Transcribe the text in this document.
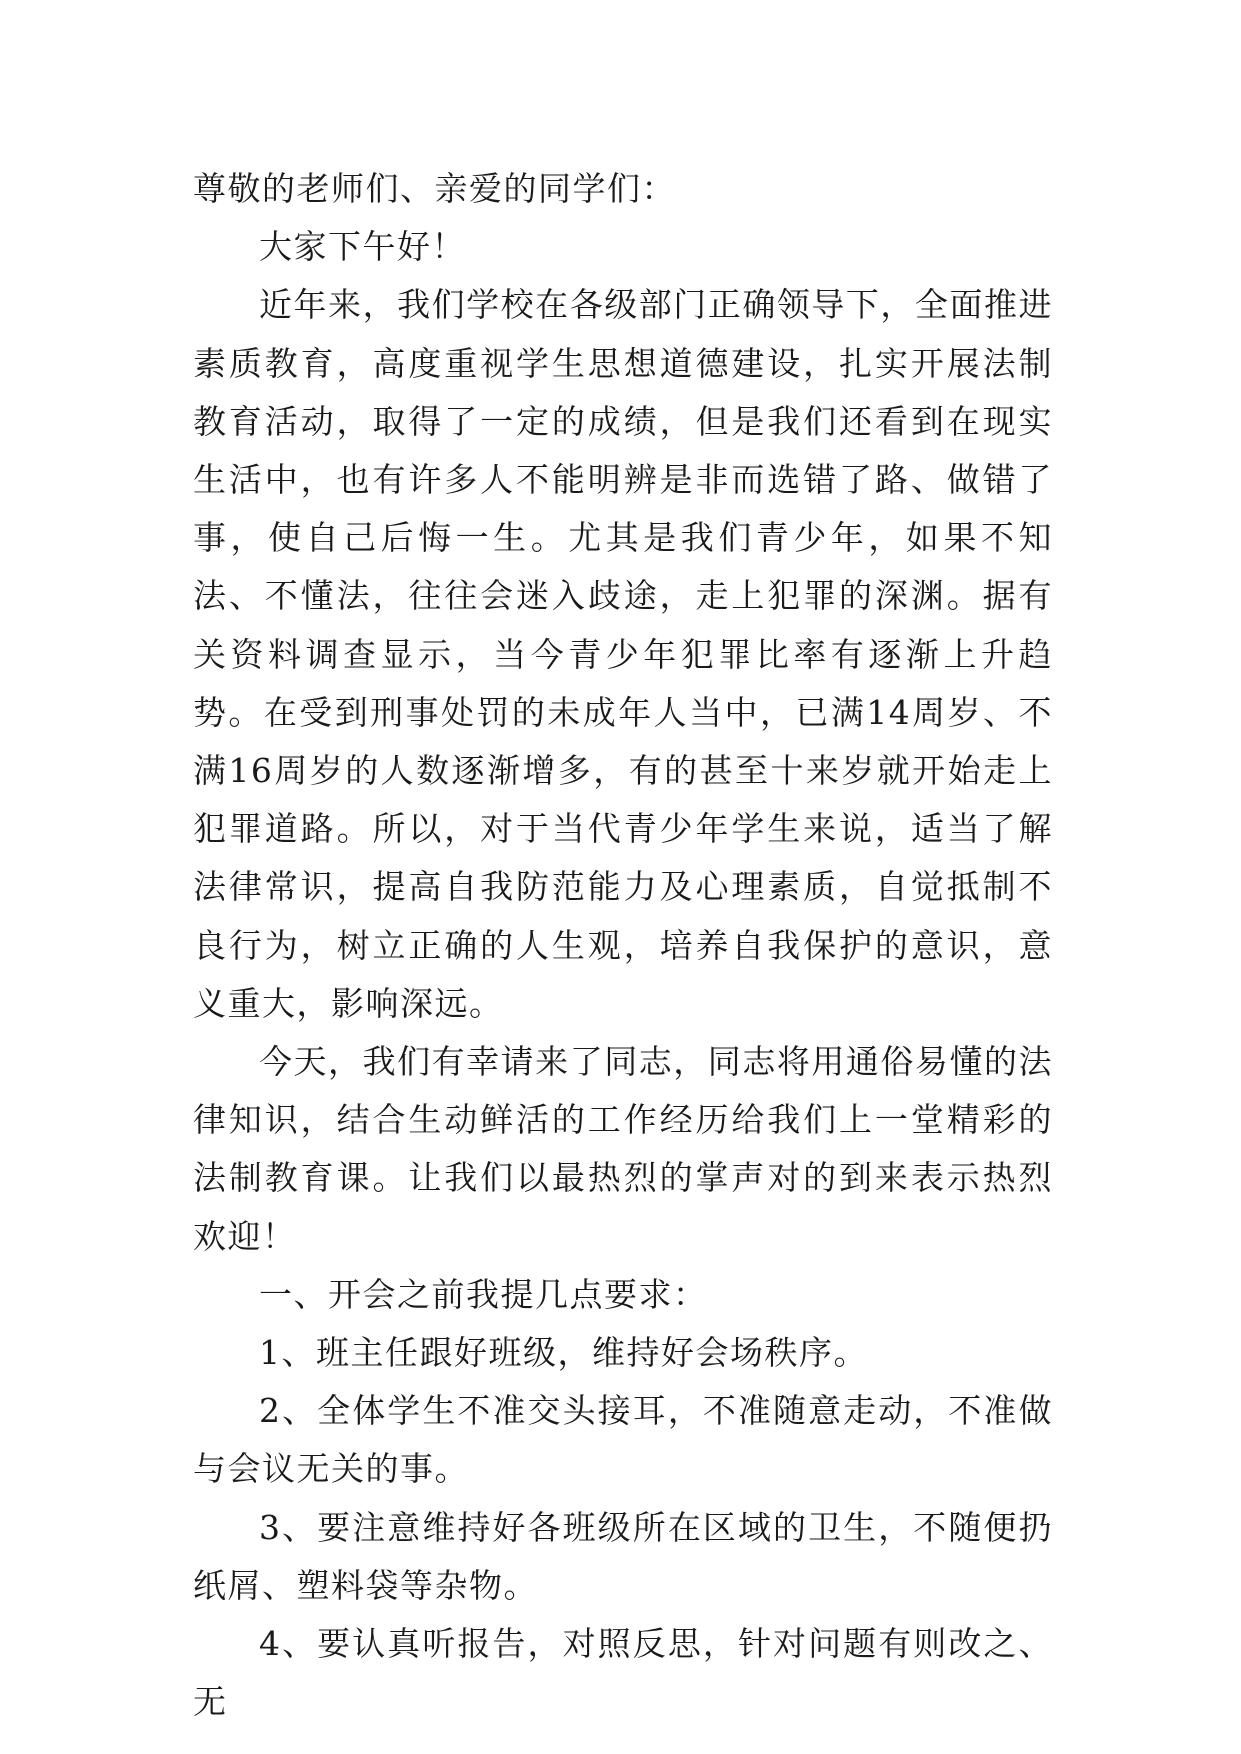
尊敬的老师们、亲爱的同学们：

大家下午好！

近年来，我们学校在各级部门正确领导下，全面推进素质教育，高度重视学生思想道德建设，扎实开展法制教育活动，取得了一定的成绩，但是我们还看到在现实生活中，也有许多人不能明辨是非而选错了路、做错了事，使自己后悔一生。尤其是我们青少年，如果不知法、不懂法，往往会迷入歧途，走上犯罪的深渊。据有关资料调查显示，当今青少年犯罪比率有逐渐上升趋势。在受到刑事处罚的未成年人当中，已满14周岁、不满16周岁的人数逐渐增多，有的甚至十来岁就开始走上犯罪道路。所以，对于当代青少年学生来说，适当了解法律常识，提高自我防范能力及心理素质，自觉抵制不良行为，树立正确的人生观，培养自我保护的意识，意义重大，影响深远。

今天，我们有幸请来了同志，同志将用通俗易懂的法律知识，结合生动鲜活的工作经历给我们上一堂精彩的法制教育课。让我们以最热烈的掌声对的到来表示热烈欢迎！

一、开会之前我提几点要求：

1、班主任跟好班级，维持好会场秩序。

2、全体学生不准交头接耳，不准随意走动，不准做与会议无关的事。

3、要注意维持好各班级所在区域的卫生，不随便扔纸屑、塑料袋等杂物。

4、要认真听报告，对照反思，针对问题有则改之、无
